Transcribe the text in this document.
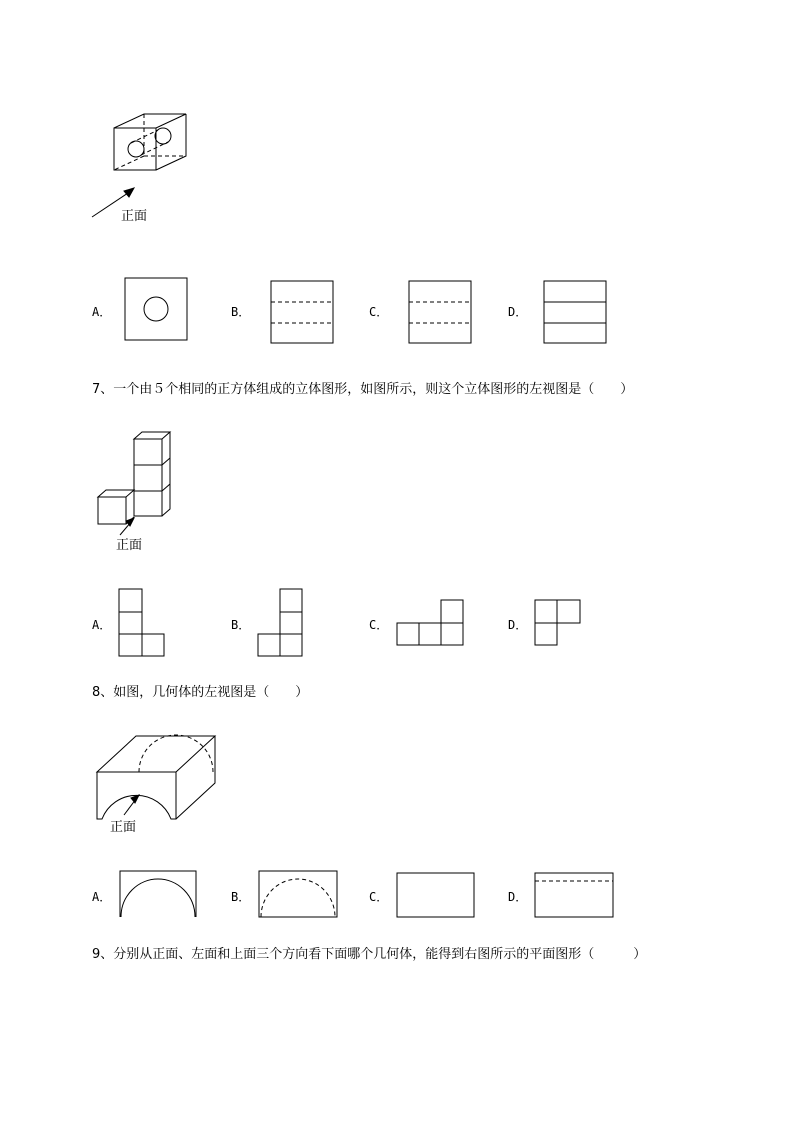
正面
A．	B．	C．	D．
7、一个由５个相同的正方体组成的立体图形，如图所示，则这个立体图形的左视图是（　　）
正面
A．	B．	C．	D．
8、如图，几何体的左视图是（　　）
正面
A．	B．	C．	D．
9、分别从正面、左面和上面三个方向看下面哪个几何体，能得到右图所示的平面图形（　　　）
